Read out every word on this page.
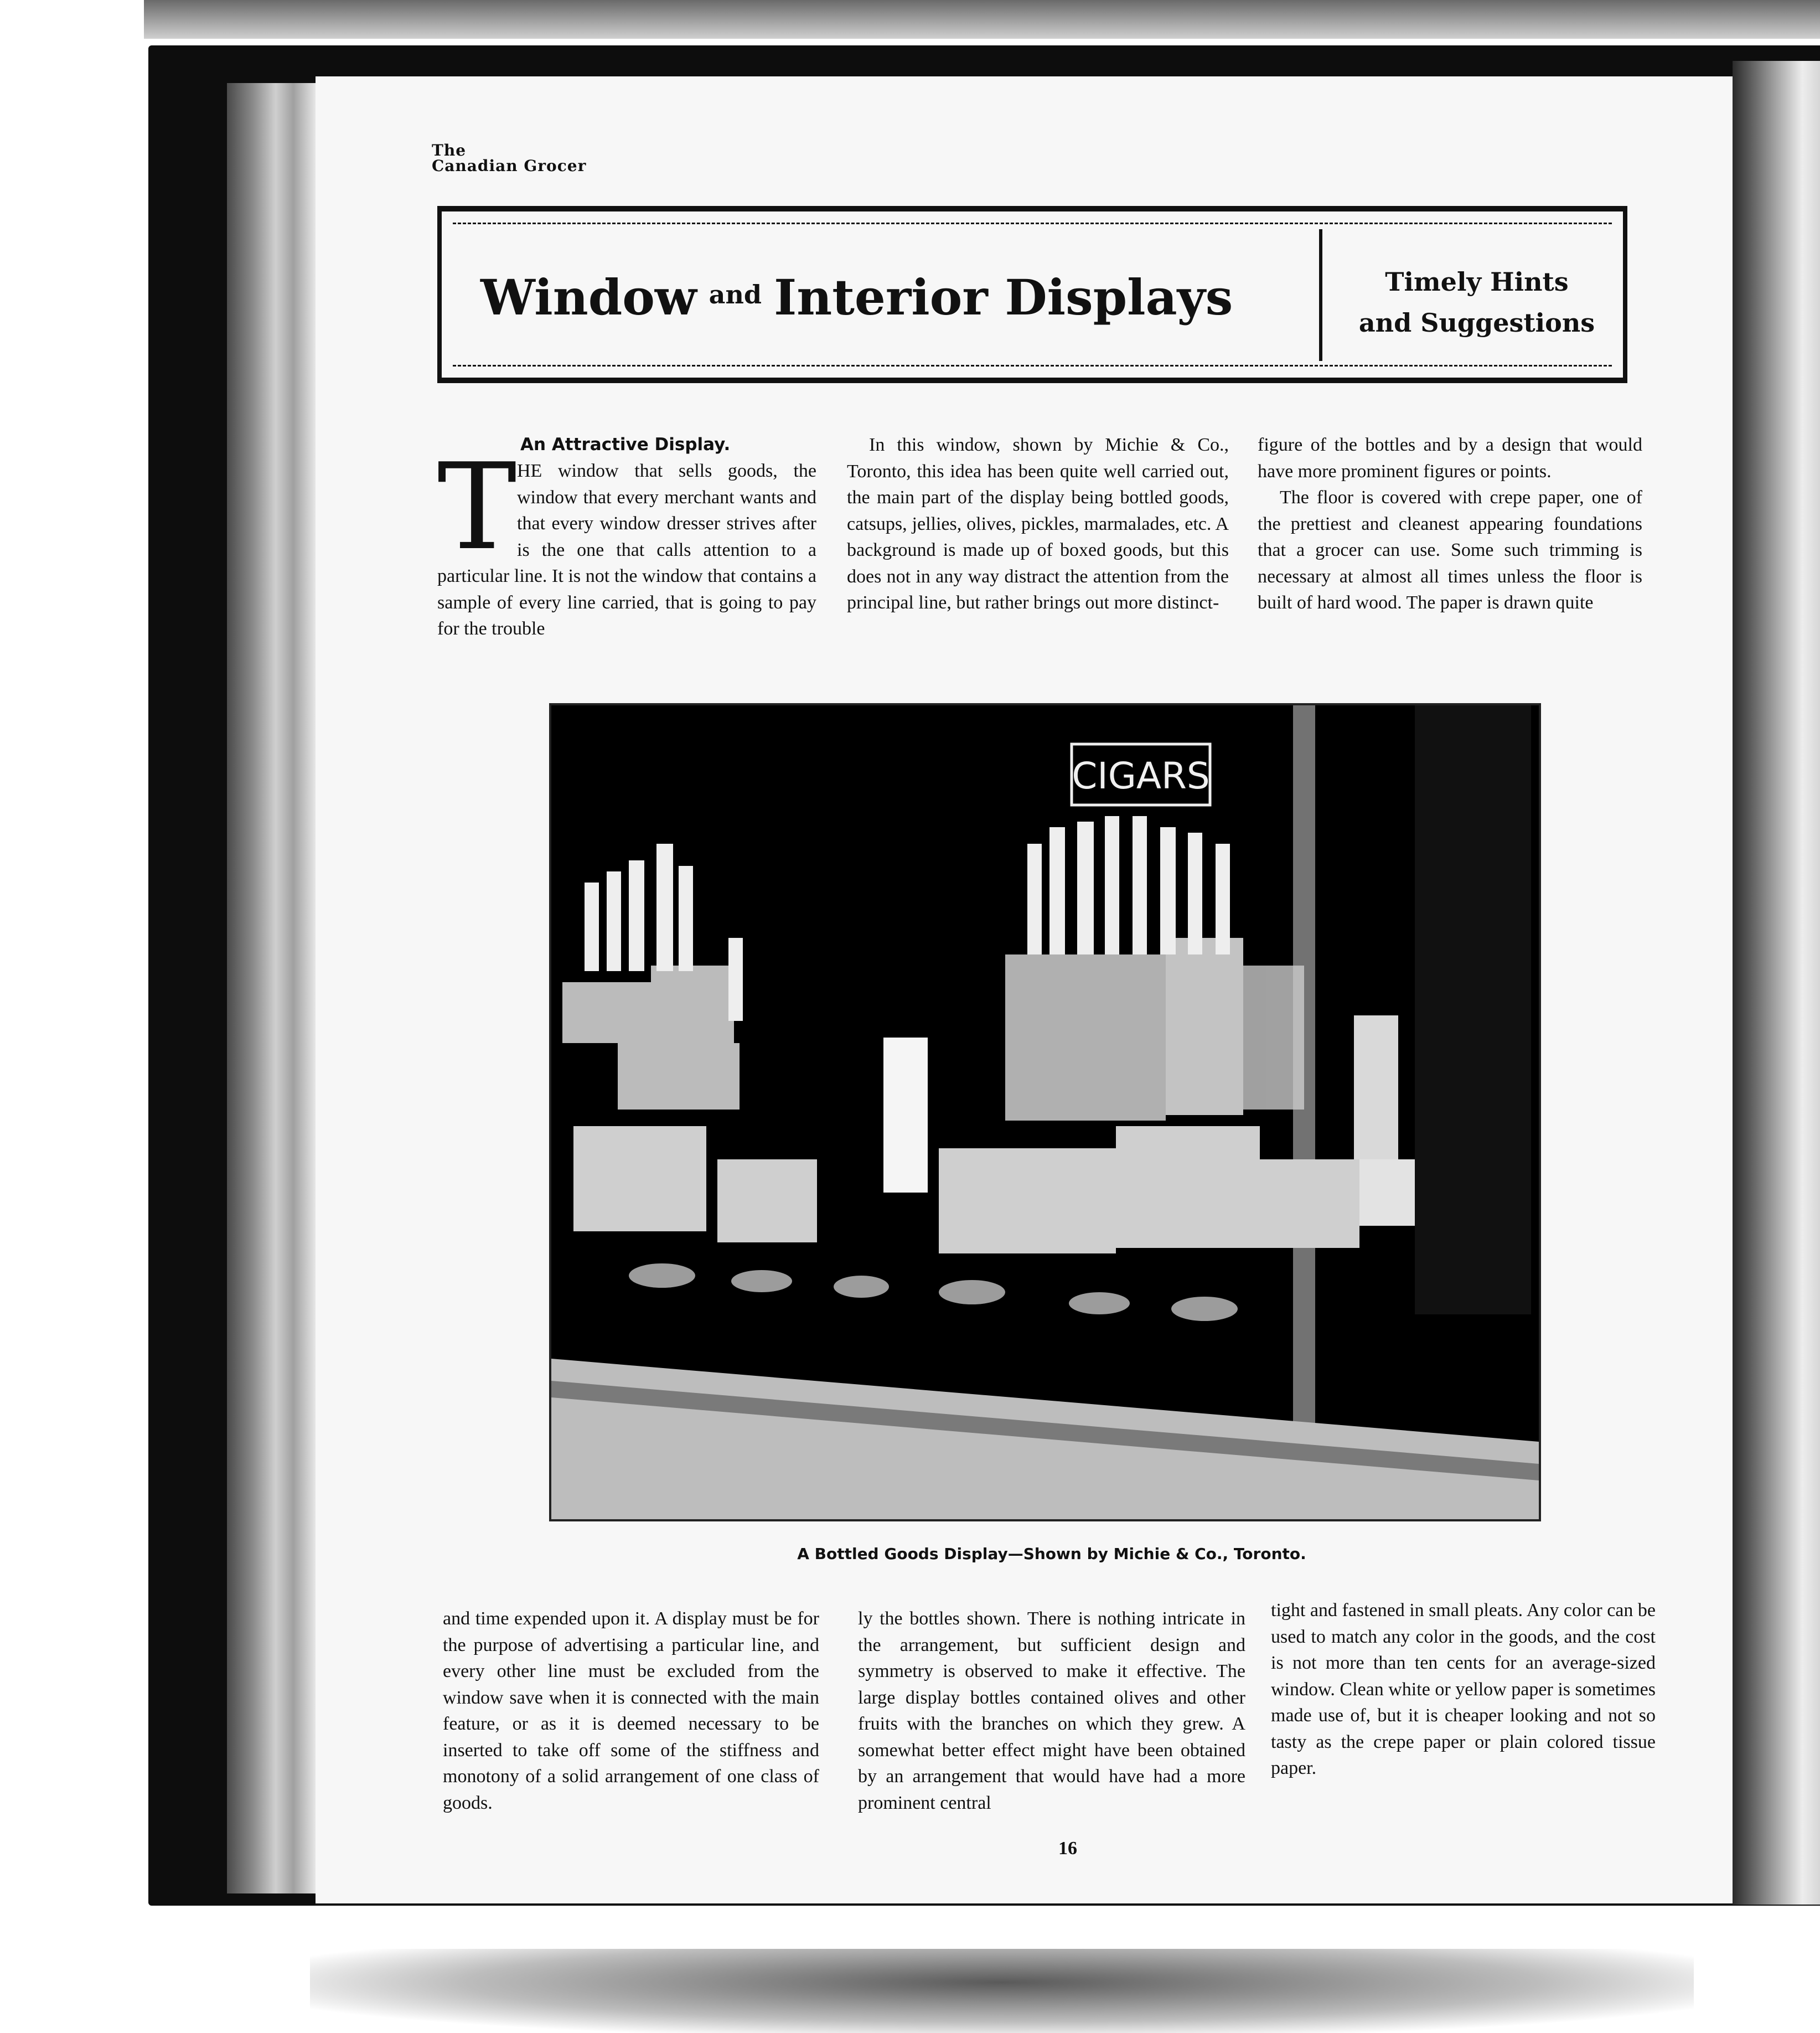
The
Canadian Grocer
Window $^{and}$ Interior Displays	Timely Hints
and Suggestions
An Attractive Display.

THE window that sells goods, the window that every merchant wants and that every window dresser strives after is the one that calls attention to a particular line. It is not the window that contains a sample of every line carried, that is going to pay for the trouble

In this window, shown by Michie & Co., Toronto, this idea has been quite well carried out, the main part of the display being bottled goods, catsups, jellies, olives, pickles, marmalades, etc. A background is made up of boxed goods, but this does not in any way distract the attention from the principal line, but rather brings out more distinct-

figure of the bottles and by a design that would have more prominent figures or points.

The floor is covered with crepe paper, one of the prettiest and cleanest appearing foundations that a grocer can use. Some such trimming is necessary at almost all times unless the floor is built of hard wood. The paper is drawn quite

CIGARS
A Bottled Goods Display—Shown by Michie & Co., Toronto.

and time expended upon it. A display must be for the purpose of advertising a particular line, and every other line must be excluded from the window save when it is connected with the main feature, or as it is deemed necessary to be inserted to take off some of the stiffness and monotony of a solid arrangement of one class of goods.

ly the bottles shown. There is nothing intricate in the arrangement, but sufficient design and symmetry is observed to make it effective. The large display bottles contained olives and other fruits with the branches on which they grew. A somewhat better effect might have been obtained by an arrangement that would have had a more prominent central

tight and fastened in small pleats. Any color can be used to match any color in the goods, and the cost is not more than ten cents for an average-sized window. Clean white or yellow paper is sometimes made use of, but it is cheaper looking and not so tasty as the crepe paper or plain colored tissue paper.

16
